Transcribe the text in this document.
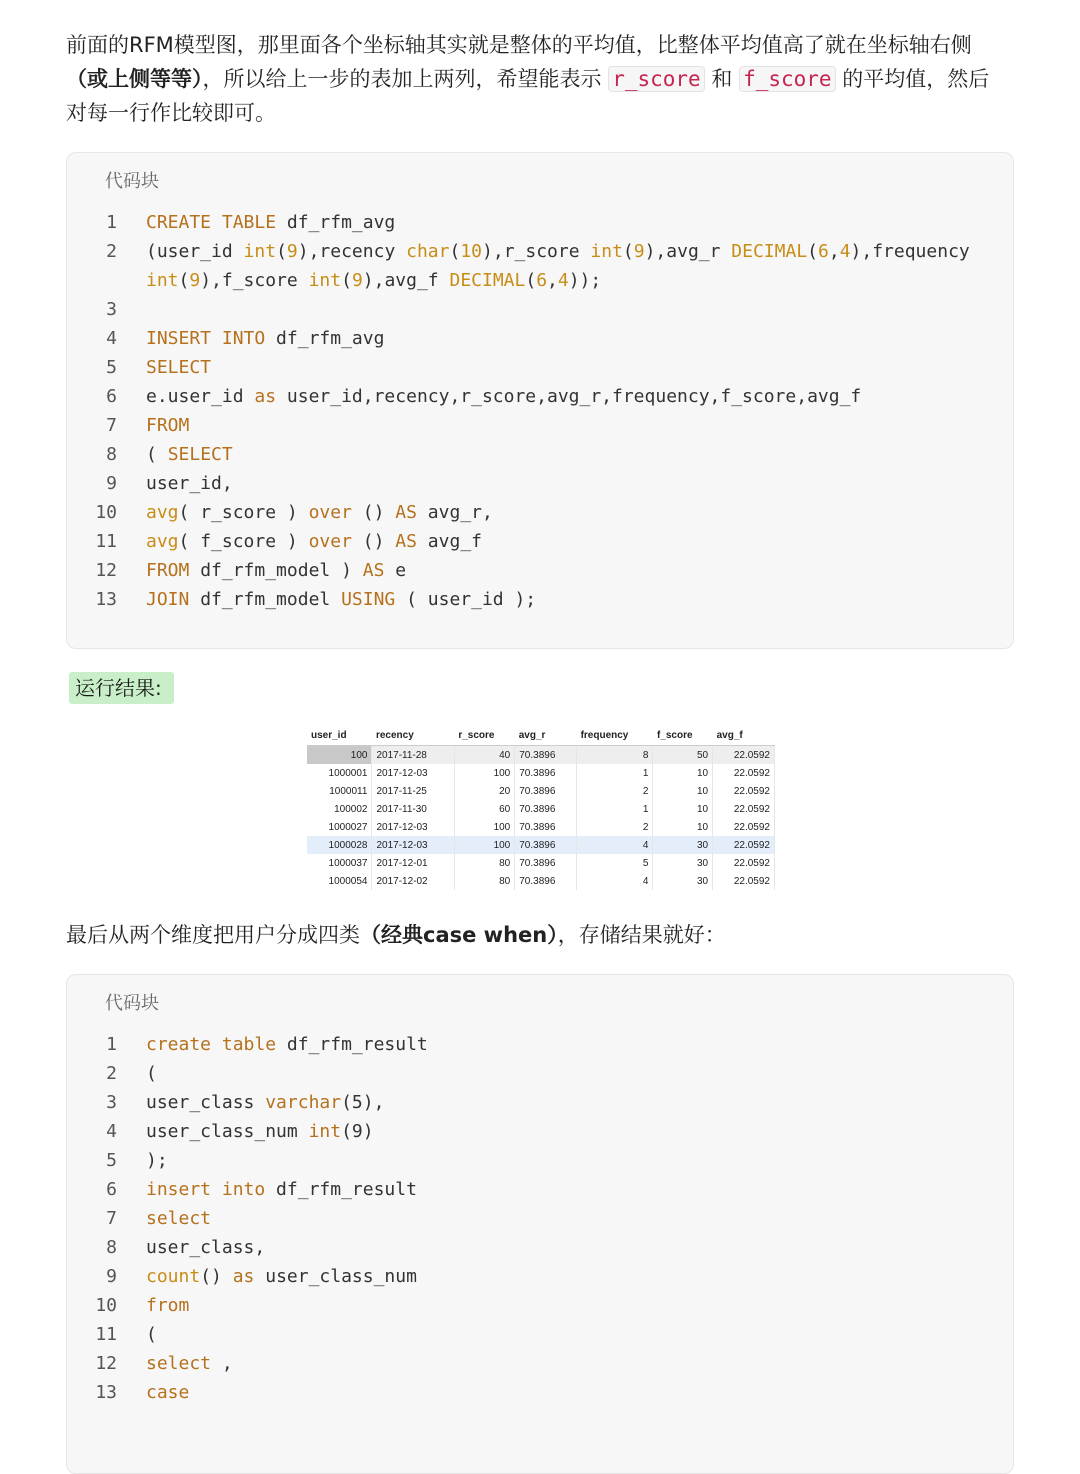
前面的RFM模型图，那里面各个坐标轴其实就是整体的平均值，比整体平均值高了就在坐标轴右侧
（或上侧等等），所以给上一步的表加上两列，希望能表示 r_score 和 f_score 的平均值，然后
对每一行作比较即可。

代码块
1 CREATE TABLE df_rfm_avg
2 (user_id int(9),recency char(10),r_score int(9),avg_r DECIMAL(6,4),frequency
int(9),f_score int(9),avg_f DECIMAL(6,4));
3
4 INSERT INTO df_rfm_avg
5 SELECT
6 e.user_id as user_id,recency,r_score,avg_r,frequency,f_score,avg_f
7 FROM
8 ( SELECT
9 user_id,
10 avg( r_score ) over () AS avg_r,
11 avg( f_score ) over () AS avg_f
12 FROM df_rfm_model ) AS e
13 JOIN df_rfm_model USING ( user_id );
运行结果:
user_id	recency	r_score	avg_r	frequency	f_score	avg_f
100	2017-11-28	40	70.3896	8	50	22.0592
1000001	2017-12-03	100	70.3896	1	10	22.0592
1000011	2017-11-25	20	70.3896	2	10	22.0592
100002	2017-11-30	60	70.3896	1	10	22.0592
1000027	2017-12-03	100	70.3896	2	10	22.0592
1000028	2017-12-03	100	70.3896	4	30	22.0592
1000037	2017-12-01	80	70.3896	5	30	22.0592
1000054	2017-12-02	80	70.3896	4	30	22.0592

最后从两个维度把用户分成四类（经典case when），存储结果就好：

代码块
1 create table df_rfm_result
2 (
3 user_class varchar(5),
4 user_class_num int(9)
5 );
6 insert into df_rfm_result
7 select
8 user_class,
9 count() as user_class_num
10 from
11 (
12 select ,
13 case
